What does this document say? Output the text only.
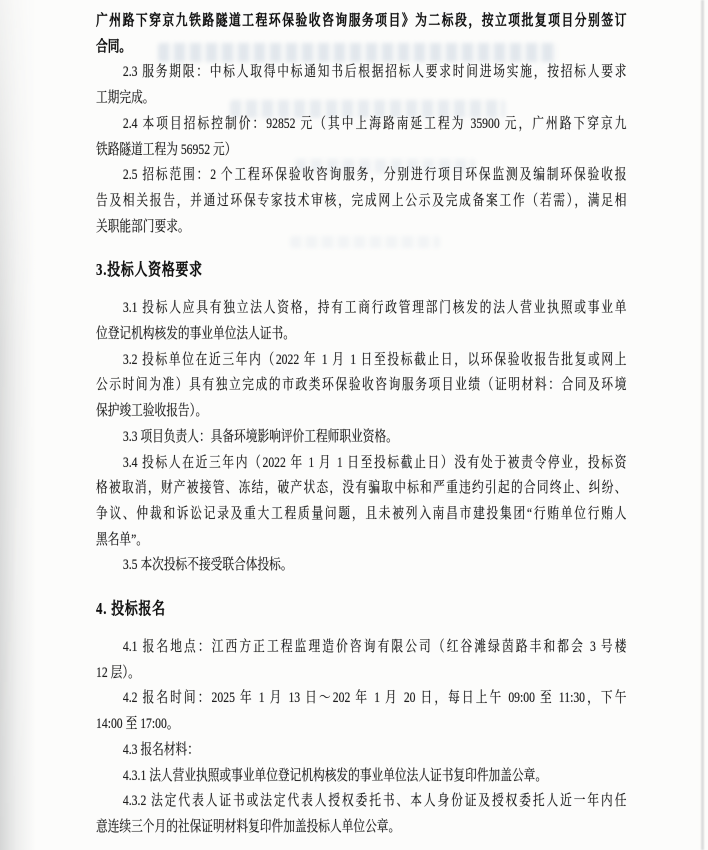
广州路下穿京九铁路隧道工程环保验收咨询服务项目》为二标段，按立项批复项目分别签订
合同。
2.3 服务期限：中标人取得中标通知书后根据招标人要求时间进场实施，按招标人要求
工期完成。
2.4 本项目招标控制价：92852 元（其中上海路南延工程为 35900 元，广州路下穿京九
铁路隧道工程为 56952 元）
2.5 招标范围：2 个工程环保验收咨询服务，分别进行项目环保监测及编制环保验收报
告及相关报告，并通过环保专家技术审核，完成网上公示及完成备案工作（若需），满足相
关职能部门要求。
3.投标人资格要求
3.1 投标人应具有独立法人资格，持有工商行政管理部门核发的法人营业执照或事业单
位登记机构核发的事业单位法人证书。
3.2 投标单位在近三年内（2022 年 1 月 1 日至投标截止日，以环保验收报告批复或网上
公示时间为准）具有独立完成的市政类环保验收咨询服务项目业绩（证明材料：合同及环境
保护竣工验收报告）。
3.3 项目负责人：具备环境影响评价工程师职业资格。
3.4 投标人在近三年内（2022 年 1 月 1 日至投标截止日）没有处于被责令停业，投标资
格被取消，财产被接管、冻结，破产状态，没有骗取中标和严重违约引起的合同终止、纠纷、
争议、仲裁和诉讼记录及重大工程质量问题，且未被列入南昌市建投集团“行贿单位行贿人
黑名单”。
3.5 本次投标不接受联合体投标。
4. 投标报名
4.1 报名地点：江西方正工程监理造价咨询有限公司（红谷滩绿茵路丰和都会 3 号楼
12 层）。
4.2 报名时间：2025 年 1 月 13 日～202 年 1 月 20 日，每日上午 09:00 至 11:30，下午
14:00 至 17:00。
4.3 报名材料：
4.3.1 法人营业执照或事业单位登记机构核发的事业单位法人证书复印件加盖公章。
4.3.2 法定代表人证书或法定代表人授权委托书、本人身份证及授权委托人近一年内任
意连续三个月的社保证明材料复印件加盖投标人单位公章。
